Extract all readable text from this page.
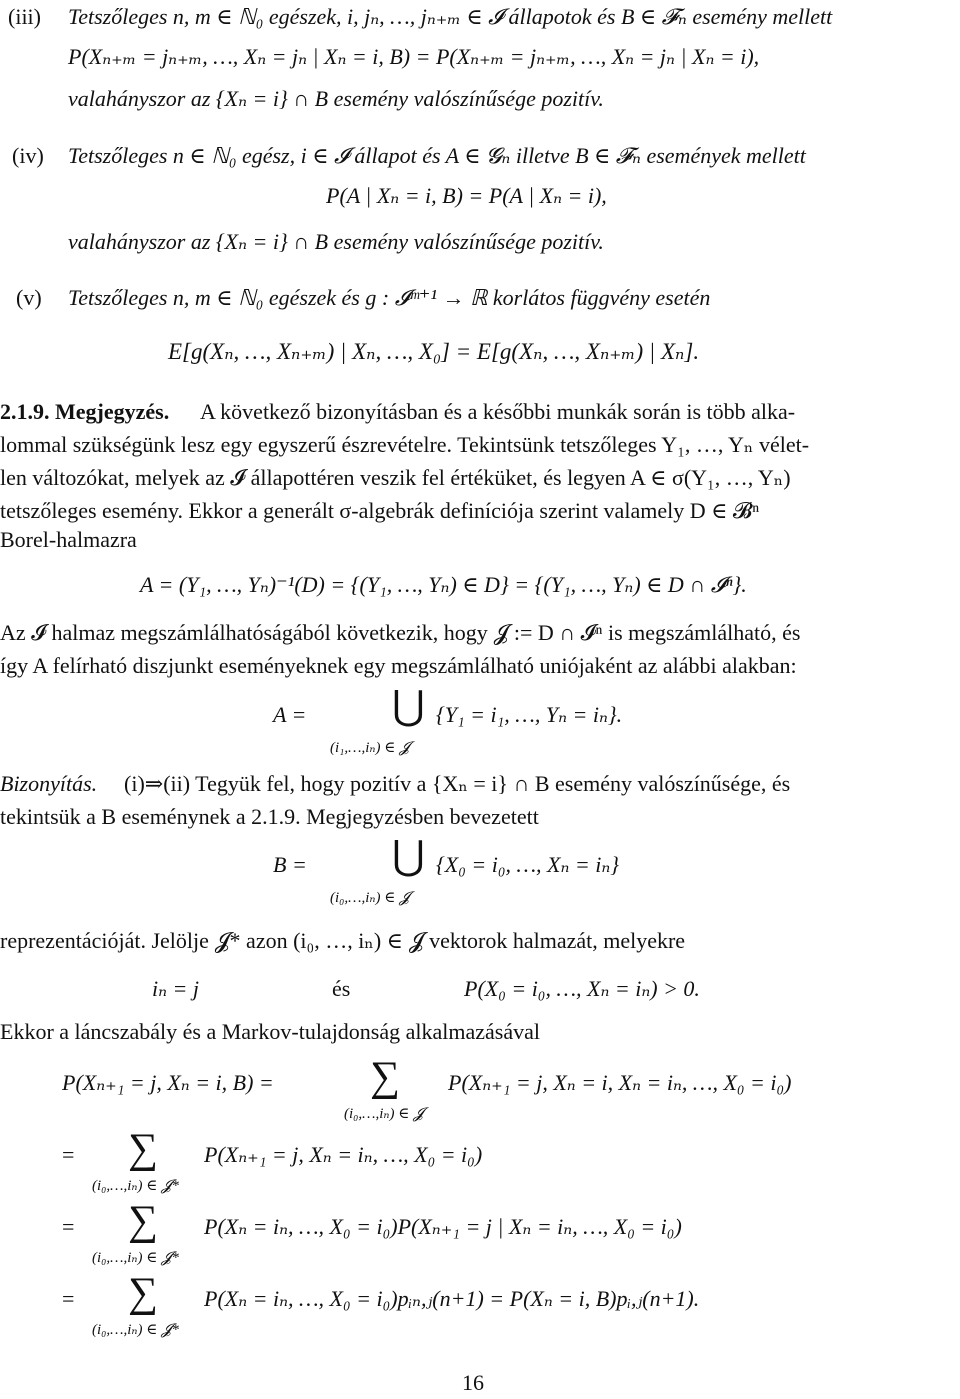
(iii) Tetszőleges n, m ∈ ℕ₀ egészek, i, jₙ, …, jₙ₊ₘ ∈ 𝓘 állapotok és B ∈ 𝓕ₙ esemény mellett
P(Xₙ₊ₘ = jₙ₊ₘ, …, Xₙ = jₙ | Xₙ = i, B) = P(Xₙ₊ₘ = jₙ₊ₘ, …, Xₙ = jₙ | Xₙ = i),
valahányszor az {Xₙ = i} ∩ B esemény valószínűsége pozitív.
(iv) Tetszőleges n ∈ ℕ₀ egész, i ∈ 𝓘 állapot és A ∈ 𝓖ₙ illetve B ∈ 𝓕ₙ események mellett
P(A | Xₙ = i, B) = P(A | Xₙ = i),
valahányszor az {Xₙ = i} ∩ B esemény valószínűsége pozitív.
(v) Tetszőleges n, m ∈ ℕ₀ egészek és g : 𝓘ᵐ⁺¹ → ℝ korlátos függvény esetén
E[g(Xₙ, …, Xₙ₊ₘ) | Xₙ, …, X₀] = E[g(Xₙ, …, Xₙ₊ₘ) | Xₙ].
2.1.9. Megjegyzés. A következő bizonyításban és a későbbi munkák során is több alka-
lommal szükségünk lesz egy egyszerű észrevételre. Tekintsünk tetszőleges Y₁, …, Yₙ vélet-
len változókat, melyek az 𝓘 állapottéren veszik fel értéküket, és legyen A ∈ σ(Y₁, …, Yₙ)
tetszőleges esemény. Ekkor a generált σ-algebrák definíciója szerint valamely D ∈ 𝓑ⁿ
Borel-halmazra
A = (Y₁, …, Yₙ)⁻¹(D) = {(Y₁, …, Yₙ) ∈ D} = {(Y₁, …, Yₙ) ∈ D ∩ 𝓘ⁿ}.
Az 𝓘 halmaz megszámlálhatóságából következik, hogy 𝓙 := D ∩ 𝓘ⁿ is megszámlálható, és
így A felírható diszjunkt eseményeknek egy megszámlálható uniójaként az alábbi alakban:
A = ⋃
(i₁,…,iₙ) ∈ 𝓙
{Y₁ = i₁, …, Yₙ = iₙ}.
Bizonyítás. (i)⇒(ii) Tegyük fel, hogy pozitív a {Xₙ = i} ∩ B esemény valószínűsége, és
tekintsük a B eseménynek a 2.1.9. Megjegyzésben bevezetett
B = ⋃
(i₀,…,iₙ) ∈ 𝓙
{X₀ = i₀, …, Xₙ = iₙ}
reprezentációját. Jelölje 𝓙* azon (i₀, …, iₙ) ∈ 𝓙 vektorok halmazát, melyekre
iₙ = j	és	P(X₀ = i₀, …, Xₙ = iₙ) > 0.
Ekkor a láncszabály és a Markov-tulajdonság alkalmazásával
P(Xₙ₊₁ = j, Xₙ = i, B) = ∑
(i₀,…,iₙ) ∈ 𝓙
P(Xₙ₊₁ = j, Xₙ = i, Xₙ = iₙ, …, X₀ = i₀)
= ∑
(i₀,…,iₙ) ∈ 𝓙*
P(Xₙ₊₁ = j, Xₙ = iₙ, …, X₀ = i₀)
= ∑
(i₀,…,iₙ) ∈ 𝓙*
P(Xₙ = iₙ, …, X₀ = i₀)P(Xₙ₊₁ = j | Xₙ = iₙ, …, X₀ = i₀)
= ∑
(i₀,…,iₙ) ∈ 𝓙*
P(Xₙ = iₙ, …, X₀ = i₀)pᵢₙ,ⱼ(n+1) = P(Xₙ = i, B)pᵢ,ⱼ(n+1).
16
